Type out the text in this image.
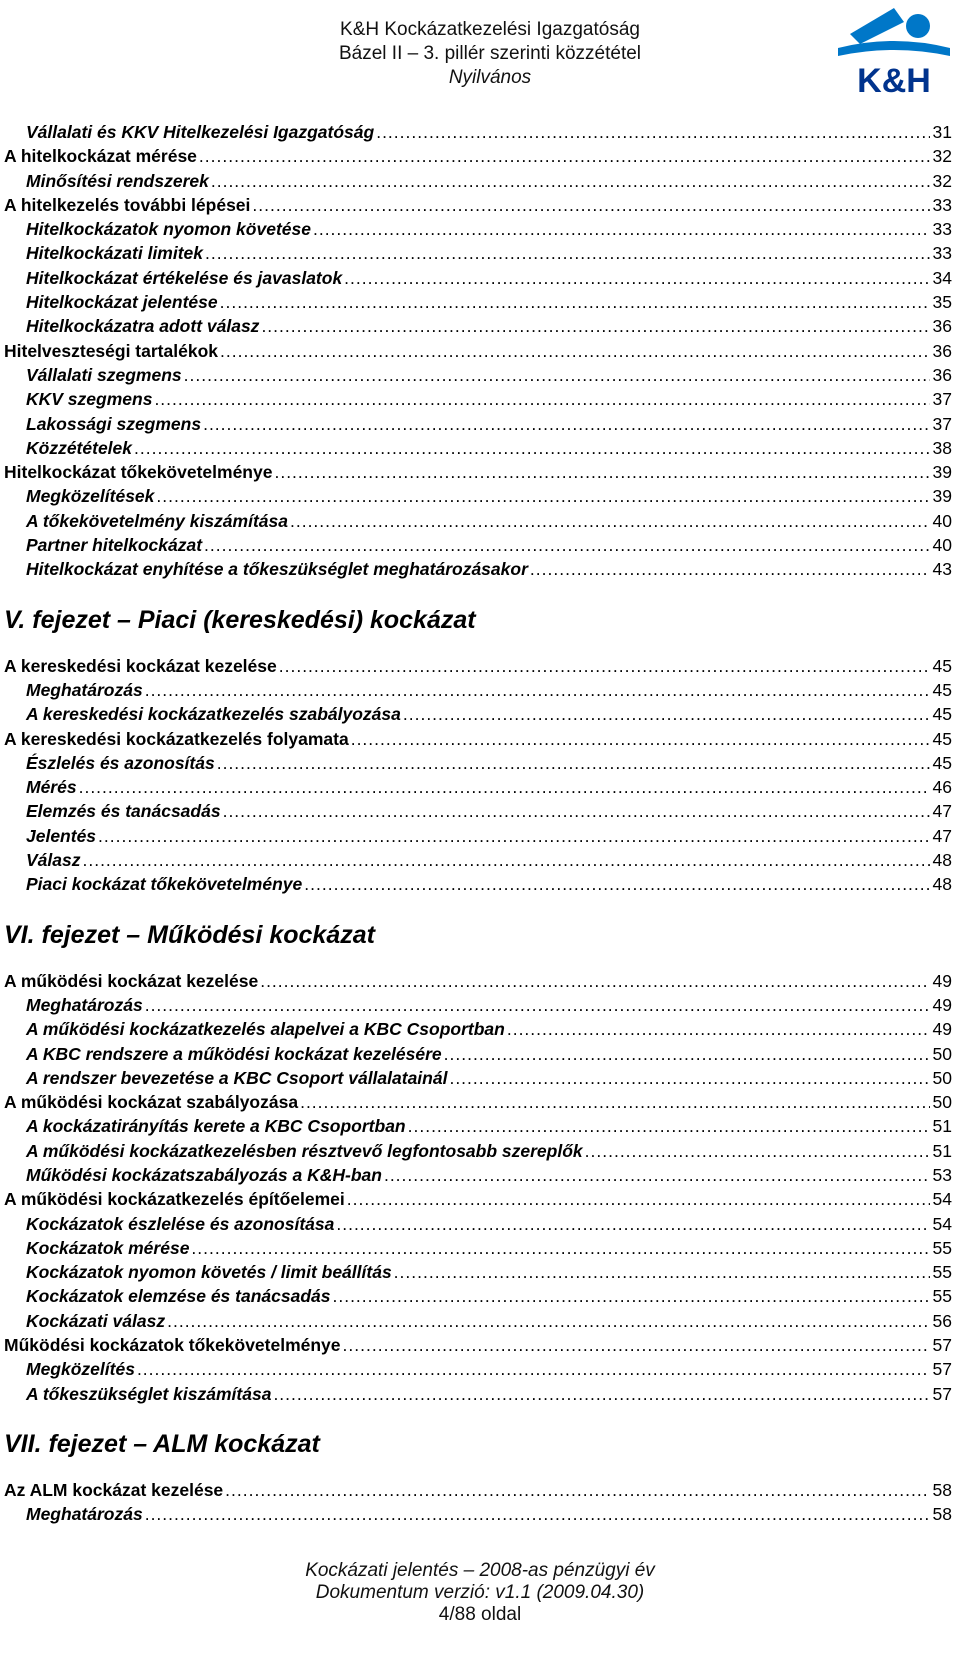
K&H Kockázatkezelési Igazgatóság
Bázel II – 3. pillér szerinti közzététel
Nyilvános	K&H
Vállalati és KKV Hitelkezelési Igazgatóság .....	31
A hitelkockázat mérése .....	32
Minősítési rendszerek .....	32
A hitelkezelés további lépései .....	33
Hitelkockázatok nyomon követése .....	33
Hitelkockázati limitek .....	33
Hitelkockázat értékelése és javaslatok .....	34
Hitelkockázat jelentése .....	35
Hitelkockázatra adott válasz .....	36
Hitelveszteségi tartalékok .....	36
Vállalati szegmens .....	36
KKV szegmens .....	37
Lakossági szegmens .....	37
Közzétételek .....	38
Hitelkockázat tőkekövetelménye .....	39
Megközelítések .....	39
A tőkekövetelmény kiszámítása .....	40
Partner hitelkockázat .....	40
Hitelkockázat enyhítése a tőkeszükséglet meghatározásakor .....	43
V. fejezet – Piaci (kereskedési) kockázat
A kereskedési kockázat kezelése .....	45
Meghatározás .....	45
A kereskedési kockázatkezelés szabályozása .....	45
A kereskedési kockázatkezelés folyamata .....	45
Észlelés és azonosítás .....	45
Mérés .....	46
Elemzés és tanácsadás .....	47
Jelentés .....	47
Válasz .....	48
Piaci kockázat tőkekövetelménye .....	48
VI. fejezet – Működési kockázat
A működési kockázat kezelése .....	49
Meghatározás .....	49
A működési kockázatkezelés alapelvei a KBC Csoportban .....	49
A KBC rendszere a működési kockázat kezelésére .....	50
A rendszer bevezetése a KBC Csoport vállalatainál .....	50
A működési kockázat szabályozása .....	50
A kockázatirányítás kerete a KBC Csoportban .....	51
A működési kockázatkezelésben résztvevő legfontosabb szereplők .....	51
Működési kockázatszabályozás a K&H-ban .....	53
A működési kockázatkezelés építőelemei .....	54
Kockázatok észlelése és azonosítása .....	54
Kockázatok mérése .....	55
Kockázatok nyomon követés / limit beállítás .....	55
Kockázatok elemzése és tanácsadás .....	55
Kockázati válasz .....	56
Működési kockázatok tőkekövetelménye .....	57
Megközelítés .....	57
A tőkeszükséglet kiszámítása .....	57
VII. fejezet – ALM kockázat
Az ALM kockázat kezelése .....	58
Meghatározás .....	58
Kockázati jelentés – 2008-as pénzügyi év
Dokumentum verzió: v1.1 (2009.04.30)
4/88 oldal
